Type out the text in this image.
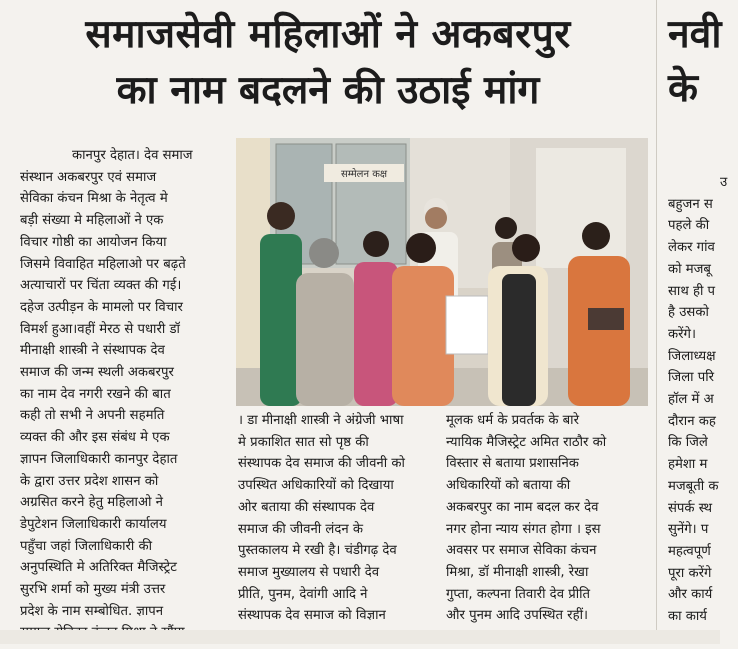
समाजसेवी महिलाओं ने अकबरपुर
का नाम बदलने की उठाई मांग
नवी
के
सम्मेलन कक्ष

कानपुर देहात। देव समाज

संस्थान अकबरपुर एवं समाज

सेविका कंचन मिश्रा के नेतृत्व मे

बड़ी संख्या मे महिलाओं ने एक

विचार गोष्ठी का आयोजन किया

जिसमे विवाहित महिलाओ पर बढ़ते

अत्याचारों पर चिंता व्यक्त की गई।

दहेज उत्पीड़न के मामलो पर विचार

विमर्श हुआ।वहीं मेरठ से पधारी डॉ

मीनाक्षी शास्त्री ने संस्थापक देव

समाज की जन्म स्थली अकबरपुर

का नाम देव नगरी रखने की बात

कही तो सभी ने अपनी सहमति

व्यक्त की और इस संबंध मे एक

ज्ञापन जिलाधिकारी कानपुर देहात

के द्वारा उत्तर प्रदेश शासन को

अग्रसित करने हेतु महिलाओ ने

डेपुटेशन जिलाधिकारी कार्यालय

पहुँचा जहां जिलाधिकारी की

अनुपस्थिति मे अतिरिक्त मैजिस्ट्रेट

सुरभि शर्मा को मुख्य मंत्री उत्तर

प्रदेश के नाम सम्बोधित. ज्ञापन

। डा मीनाक्षी शास्त्री ने अंग्रेजी भाषा

मे प्रकाशित सात सो पृष्ठ की

संस्थापक देव समाज की जीवनी को

उपस्थित अधिकारियों को दिखाया

ओर बताया की संस्थापक देव

समाज की जीवनी लंदन के

पुस्तकालय मे रखी है। चंडीगढ़ देव

समाज मुख्यालय से पधारी देव

प्रीति, पुनम, देवांगी आदि ने

संस्थापक देव समाज को विज्ञान

मूलक धर्म के प्रवर्तक के बारे

न्यायिक मैजिस्ट्रेट अमित राठौर को

विस्तार से बताया प्रशासनिक

अधिकारियों को बताया की

अकबरपुर का नाम बदल कर देव

नगर होना न्याय संगत होगा । इस

अवसर पर समाज सेविका कंचन

मिश्रा, डॉ मीनाक्षी शास्त्री, रेखा

गुप्ता, कल्पना तिवारी देव प्रीति

और पुनम आदि उपस्थित रहीं।

उ
बहुजन स
पहले की
लेकर गांव
को मजबू
साथ ही प
है उसको
करेंगे।
जिलाध्यक्ष
जिला परि
हॉल में अ
दौरान कह
कि जिले
हमेशा म
मजबूती क
संपर्क स्थ
सुनेंगे। प
महत्वपूर्ण
पूरा करेंगे
और कार्य
का कार्य
